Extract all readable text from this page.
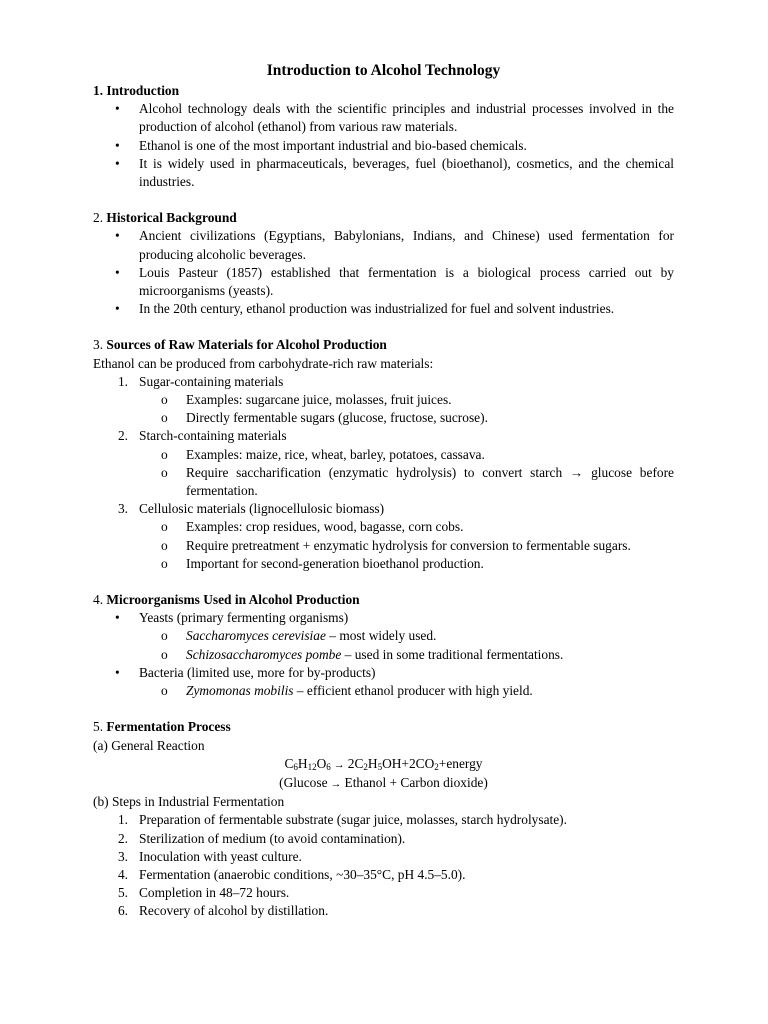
Introduction to Alcohol Technology

1. Introduction

• Alcohol technology deals with the scientific principles and industrial processes involved in the production of alcohol (ethanol) from various raw materials.
• Ethanol is one of the most important industrial and bio-based chemicals.
• It is widely used in pharmaceuticals, beverages, fuel (bioethanol), cosmetics, and the chemical industries.

2. Historical Background

• Ancient civilizations (Egyptians, Babylonians, Indians, and Chinese) used fermentation for producing alcoholic beverages.
• Louis Pasteur (1857) established that fermentation is a biological process carried out by microorganisms (yeasts).
• In the 20th century, ethanol production was industrialized for fuel and solvent industries.

3. Sources of Raw Materials for Alcohol Production

Ethanol can be produced from carbohydrate-rich raw materials:

1. Sugar-containing materials
o Examples: sugarcane juice, molasses, fruit juices.
o Directly fermentable sugars (glucose, fructose, sucrose).
2. Starch-containing materials
o Examples: maize, rice, wheat, barley, potatoes, cassava.
o Require saccharification (enzymatic hydrolysis) to convert starch → glucose before fermentation.
3. Cellulosic materials (lignocellulosic biomass)
o Examples: crop residues, wood, bagasse, corn cobs.
o Require pretreatment + enzymatic hydrolysis for conversion to fermentable sugars.
o Important for second-generation bioethanol production.

4. Microorganisms Used in Alcohol Production

• Yeasts (primary fermenting organisms)
o Saccharomyces cerevisiae – most widely used.
o Schizosaccharomyces pombe – used in some traditional fermentations.
• Bacteria (limited use, more for by-products)
o Zymomonas mobilis – efficient ethanol producer with high yield.

5. Fermentation Process

(a) General Reaction

$C_6H_{12}O_6$ → $2C_2H_5OH+2CO_2+energy$

(Glucose → Ethanol + Carbon dioxide)

(b) Steps in Industrial Fermentation

1. Preparation of fermentable substrate (sugar juice, molasses, starch hydrolysate).
2. Sterilization of medium (to avoid contamination).
3. Inoculation with yeast culture.
4. Fermentation (anaerobic conditions, ~30–35°C, pH 4.5–5.0).
5. Completion in 48–72 hours.
6. Recovery of alcohol by distillation.
